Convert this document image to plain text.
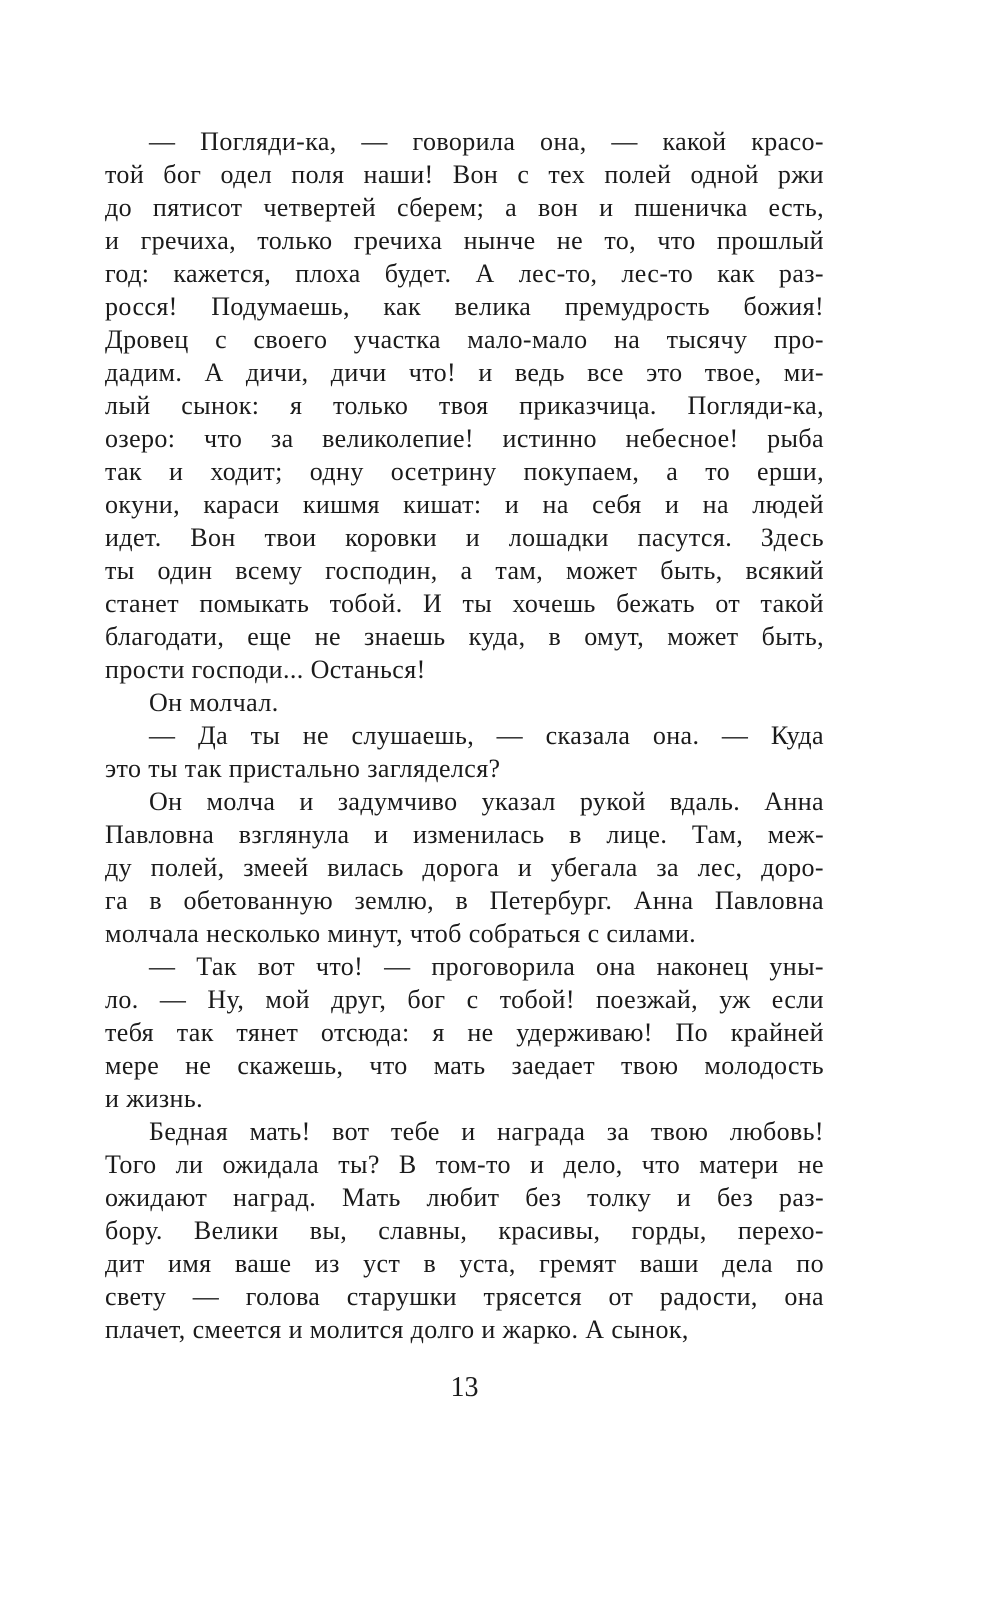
— Погляди-ка, — говорила она, — какой красо-
той бог одел поля наши! Вон с тех полей одной ржи
до пятисот четвертей сберем; а вон и пшеничка есть,
и гречиха, только гречиха нынче не то, что прошлый
год: кажется, плоха будет. А лес-то, лес-то как раз-
росся! Подумаешь, как велика премудрость божия!
Дровец с своего участка мало-мало на тысячу про-
дадим. А дичи, дичи что! и ведь все это твое, ми-
лый сынок: я только твоя приказчица. Погляди-ка,
озеро: что за великолепие! истинно небесное! рыба
так и ходит; одну осетрину покупаем, а то ерши,
окуни, караси кишмя кишат: и на себя и на людей
идет. Вон твои коровки и лошадки пасутся. Здесь
ты один всему господин, а там, может быть, всякий
станет помыкать тобой. И ты хочешь бежать от такой
благодати, еще не знаешь куда, в омут, может быть,
прости господи... Останься!

Он молчал.

— Да ты не слушаешь, — сказала она. — Куда
это ты так пристально загляделся?

Он молча и задумчиво указал рукой вдаль. Анна
Павловна взглянула и изменилась в лице. Там, меж-
ду полей, змеей вилась дорога и убегала за лес, доро-
га в обетованную землю, в Петербург. Анна Павловна
молчала несколько минут, чтоб собраться с силами.

— Так вот что! — проговорила она наконец уны-
ло. — Ну, мой друг, бог с тобой! поезжай, уж если
тебя так тянет отсюда: я не удерживаю! По крайней
мере не скажешь, что мать заедает твою молодость
и жизнь.

Бедная мать! вот тебе и награда за твою любовь!
Того ли ожидала ты? В том-то и дело, что матери не
ожидают наград. Мать любит без толку и без раз-
бору. Велики вы, славны, красивы, горды, перехо-
дит имя ваше из уст в уста, гремят ваши дела по
свету — голова старушки трясется от радости, она
плачет, смеется и молится долго и жарко. А сынок,

13
